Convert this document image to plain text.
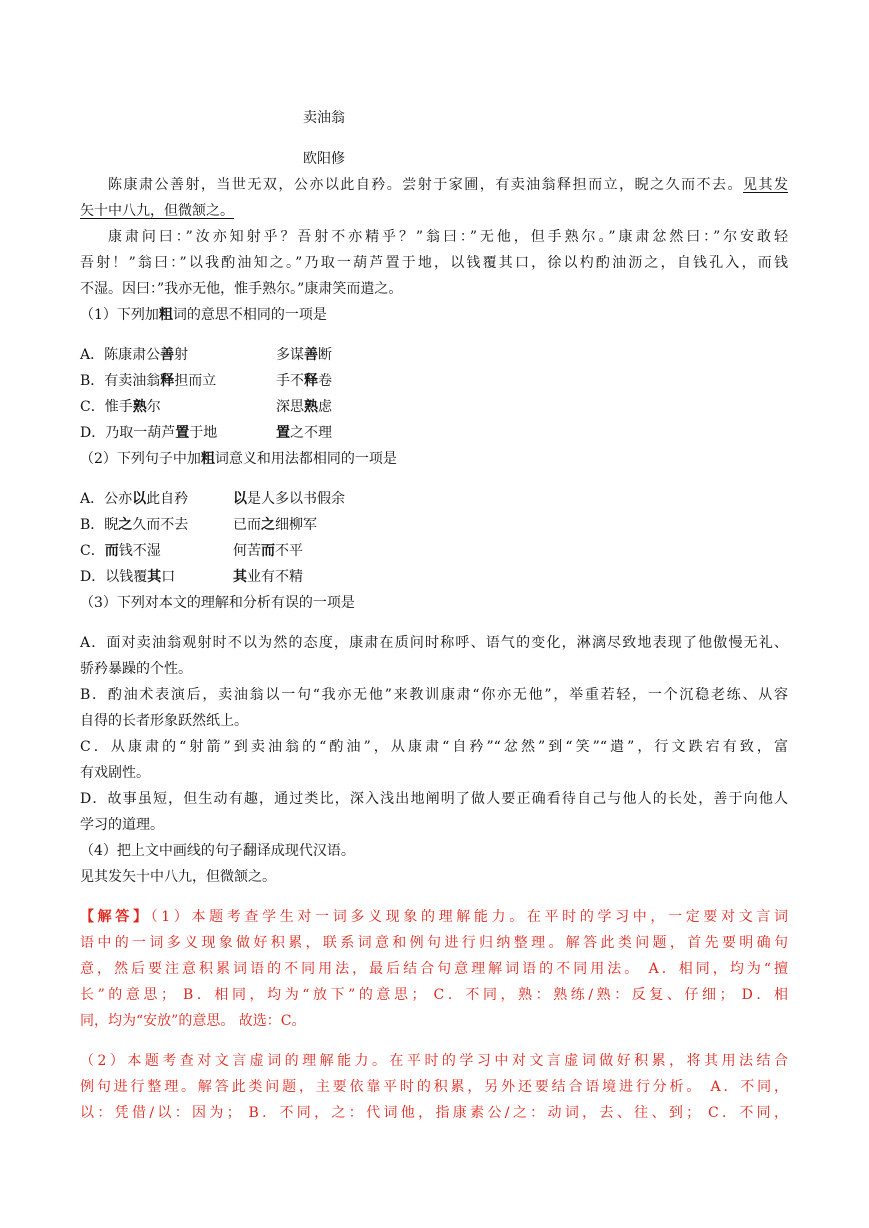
卖油翁
欧阳修
陈康肃公善射，当世无双，公亦以此自矜。尝射于家圃，有卖油翁释担而立，睨之久而不去。见其发
矢十中八九，但微颔之。
康肃问曰：”汝亦知射乎？吾射不亦精乎？”翁曰：”无他，但手熟尔。”康肃忿然曰：”尔安敢轻
吾射！”翁曰：”以我酌油知之。”乃取一葫芦置于地，以钱覆其口，徐以杓酌油沥之，自钱孔入，而钱
不湿。因曰：”我亦无他，惟手熟尔。”康肃笑而遣之。
（1）下列加粗词的意思不相同的一项是
A．陈康肃公善射	多谋善断
B．有卖油翁释担而立	手不释卷
C．惟手熟尔	深思熟虑
D．乃取一葫芦置于地	置之不理
（2）下列句子中加粗词意义和用法都相同的一项是
A．公亦以此自矜	以是人多以书假余
B．睨之久而不去	已而之细柳军
C．而钱不湿	何苦而不平
D．以钱覆其口	其业有不精
（3）下列对本文的理解和分析有误的一项是
A．面对卖油翁观射时不以为然的态度，康肃在质问时称呼、语气的变化，淋漓尽致地表现了他傲慢无礼、
骄矜暴躁的个性。
B．酌油术表演后，卖油翁以一句“我亦无他”来教训康肃“你亦无他”，举重若轻，一个沉稳老练、从容
自得的长者形象跃然纸上。
C．从康肃的“射箭”到卖油翁的“酌油”，从康肃“自矜”“忿然”到“笑”“遣”，行文跌宕有致，富
有戏剧性。
D．故事虽短，但生动有趣，通过类比，深入浅出地阐明了做人要正确看待自己与他人的长处，善于向他人
学习的道理。
（4）把上文中画线的句子翻译成现代汉语。
见其发矢十中八九，但微颔之。
【解答】（1）本题考查学生对一词多义现象的理解能力。在平时的学习中，一定要对文言词
语中的一词多义现象做好积累，联系词意和例句进行归纳整理。解答此类问题，首先要明确句
意，然后要注意积累词语的不同用法，最后结合句意理解词语的不同用法。 A．相同，均为“擅
长”的意思； B．相同，均为“放下”的意思； C．不同，熟：熟练/熟：反复、仔细； D．相
同，均为“安放”的意思。 故选：C。
（2）本题考查对文言虚词的理解能力。在平时的学习中对文言虚词做好积累，将其用法结合
例句进行整理。解答此类问题，主要依靠平时的积累，另外还要结合语境进行分析。 A．不同，
以：凭借/以：因为； B．不同，之：代词他，指康素公/之：动词，去、往、到； C．不同，
